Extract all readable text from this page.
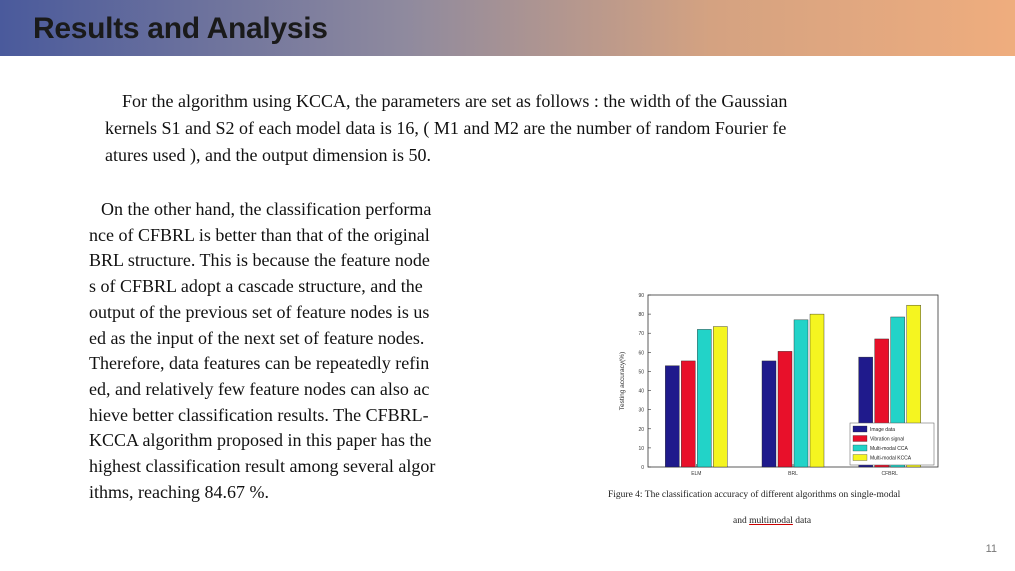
Results and Analysis
For the algorithm using KCCA, the parameters are set as follows : the width of the Gaussian
kernels S1 and S2 of each model data is 16, ( M1 and M2 are the number of random Fourier fe
atures used ), and the output dimension is 50.
On the other hand, the classification performa
nce of CFBRL is better than that of the original
BRL structure. This is because the feature node
s of CFBRL adopt a cascade structure, and the
output of the previous set of feature nodes is us
ed as the input of the next set of feature nodes.
Therefore, data features can be repeatedly refin
ed, and relatively few feature nodes can also ac
hieve better classification results. The CFBRL-
KCCA algorithm proposed in this paper has the
highest classification result among several algor
ithms, reaching 84.67 %.
0
10
20
30
40
50
60
70
80
90
Testing accuracy(%)
ELM	BRL	CFBRL
Image data
Vibration signal
Multi-modal CCA
Multi-modal KCCA
Figure 4: The classification accuracy of different algorithms on single-modal
and multimodal data
11
